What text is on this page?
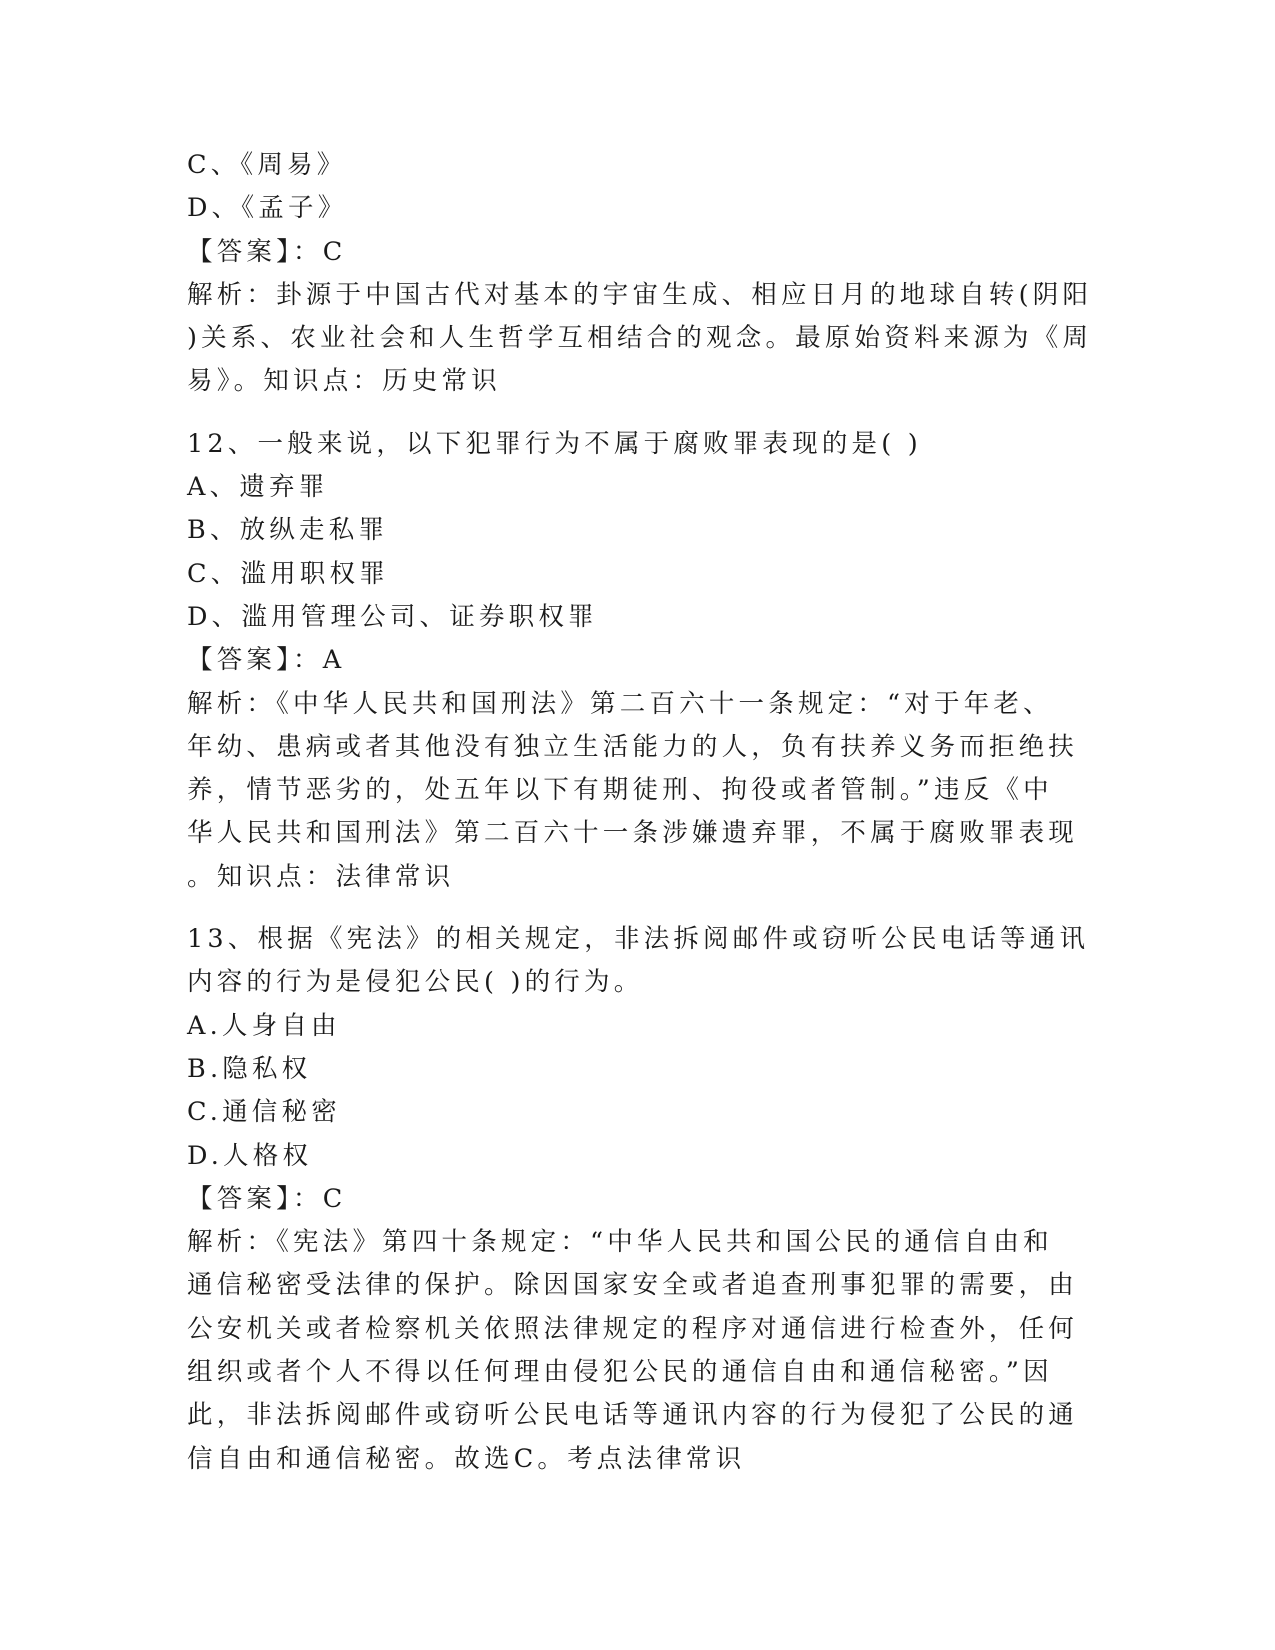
C、《周易》
D、《孟子》
【答案】：C
解析：卦源于中国古代对基本的宇宙生成、相应日月的地球自转(阴阳
)关系、农业社会和人生哲学互相结合的观念。最原始资料来源为《周
易》。知识点：历史常识
12、一般来说，以下犯罪行为不属于腐败罪表现的是( )
A、遗弃罪
B、放纵走私罪
C、滥用职权罪
D、滥用管理公司、证券职权罪
【答案】：A
解析：《中华人民共和国刑法》第二百六十一条规定：“对于年老、
年幼、患病或者其他没有独立生活能力的人，负有扶养义务而拒绝扶
养，情节恶劣的，处五年以下有期徒刑、拘役或者管制。”违反《中
华人民共和国刑法》第二百六十一条涉嫌遗弃罪，不属于腐败罪表现
。知识点：法律常识
13、根据《宪法》的相关规定，非法拆阅邮件或窃听公民电话等通讯
内容的行为是侵犯公民( )的行为。
A.人身自由
B.隐私权
C.通信秘密
D.人格权
【答案】：C
解析：《宪法》第四十条规定：“中华人民共和国公民的通信自由和
通信秘密受法律的保护。除因国家安全或者追查刑事犯罪的需要，由
公安机关或者检察机关依照法律规定的程序对通信进行检查外，任何
组织或者个人不得以任何理由侵犯公民的通信自由和通信秘密。”因
此，非法拆阅邮件或窃听公民电话等通讯内容的行为侵犯了公民的通
信自由和通信秘密。故选C。考点法律常识
